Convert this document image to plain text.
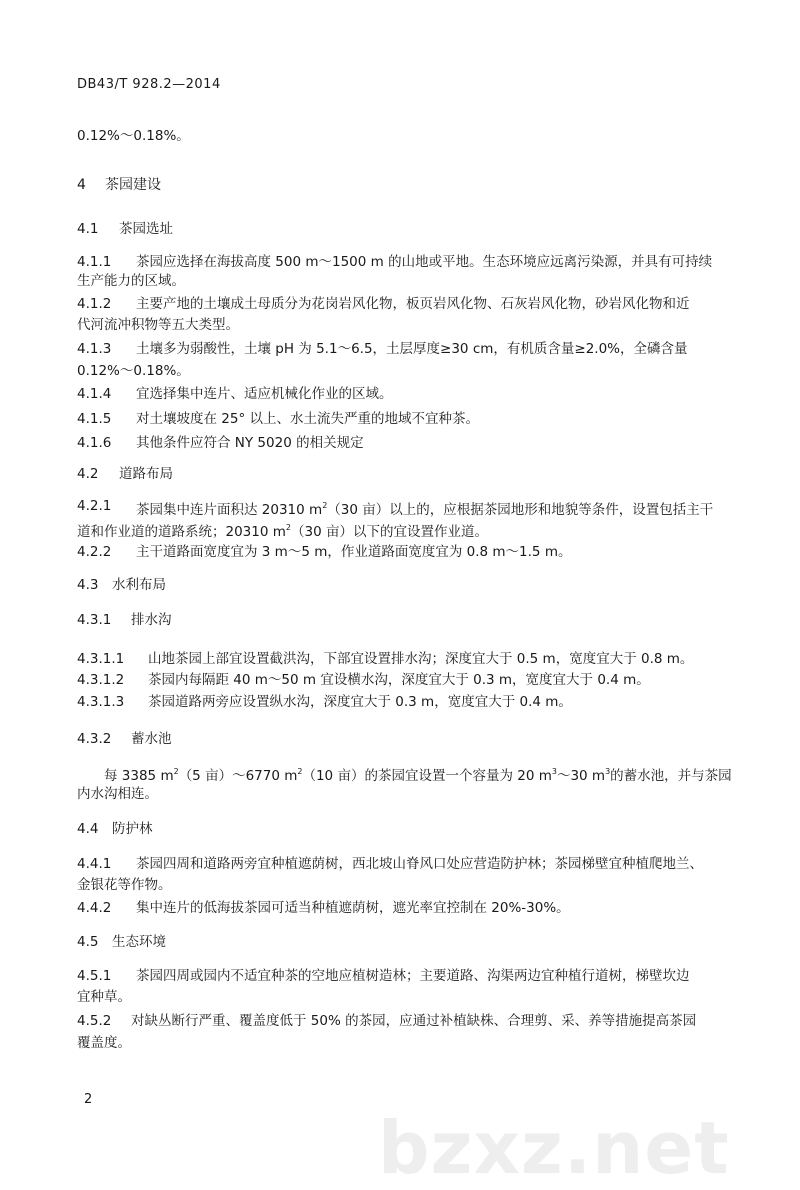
DB43/T 928.2—2014
0.12%～0.18%。
4 茶园建设
4.1 茶园选址
4.1.1 茶园应选择在海拔高度 500 m～1500 m 的山地或平地。生态环境应远离污染源，并具有可持续
生产能力的区域。
4.1.2 主要产地的土壤成土母质分为花岗岩风化物，板页岩风化物、石灰岩风化物，砂岩风化物和近
代河流冲积物等五大类型。
4.1.3 土壤多为弱酸性，土壤 pH 为 5.1～6.5，土层厚度≥30 cm，有机质含量≥2.0%，全磷含量
0.12%～0.18%。
4.1.4 宜选择集中连片、适应机械化作业的区域。
4.1.5 对土壤坡度在 25° 以上、水土流失严重的地域不宜种茶。
4.1.6 其他条件应符合 NY 5020 的相关规定
4.2 道路布局
4.2.1 茶园集中连片面积达 20310 $m^2(30$ 亩）以上的，应根据茶园地形和地貌等条件，设置包括主干
道和作业道的道路系统；20310 $m^2(30$ 亩）以下的宜设置作业道。
4.2.2 主干道路面宽度宜为 3 m～5 m，作业道路面宽度宜为 0.8 m～1.5 m。
4.3 水利布局
4.3.1 排水沟
4.3.1.1 山地茶园上部宜设置截洪沟，下部宜设置排水沟；深度宜大于 0.5 m，宽度宜大于 0.8 m。
4.3.1.2 茶园内每隔距 40 m～50 m 宜设横水沟，深度宜大于 0.3 m，宽度宜大于 0.4 m。
4.3.1.3 茶园道路两旁应设置纵水沟，深度宜大于 0.3 m，宽度宜大于 0.4 m。
4.3.2 蓄水池
每 3385 $m^2(5$ 亩）～6770 $m^2(10$ 亩）的茶园宜设置一个容量为 20 $m^3\sim 30$ $m^3$的蓄水池，并与茶园
内水沟相连。
4.4 防护林
4.4.1 茶园四周和道路两旁宜种植遮荫树，西北坡山脊风口处应营造防护林；茶园梯壁宜种植爬地兰、
金银花等作物。
4.4.2 集中连片的低海拔茶园可适当种植遮荫树，遮光率宜控制在 20%-30%。
4.5 生态环境
4.5.1 茶园四周或园内不适宜种茶的空地应植树造林；主要道路、沟渠两边宜种植行道树，梯壁坎边
宜种草。
4.5.2 对缺丛断行严重、覆盖度低于 50% 的茶园，应通过补植缺株、合理剪、采、养等措施提高茶园
覆盖度。
2
bzxz.net
